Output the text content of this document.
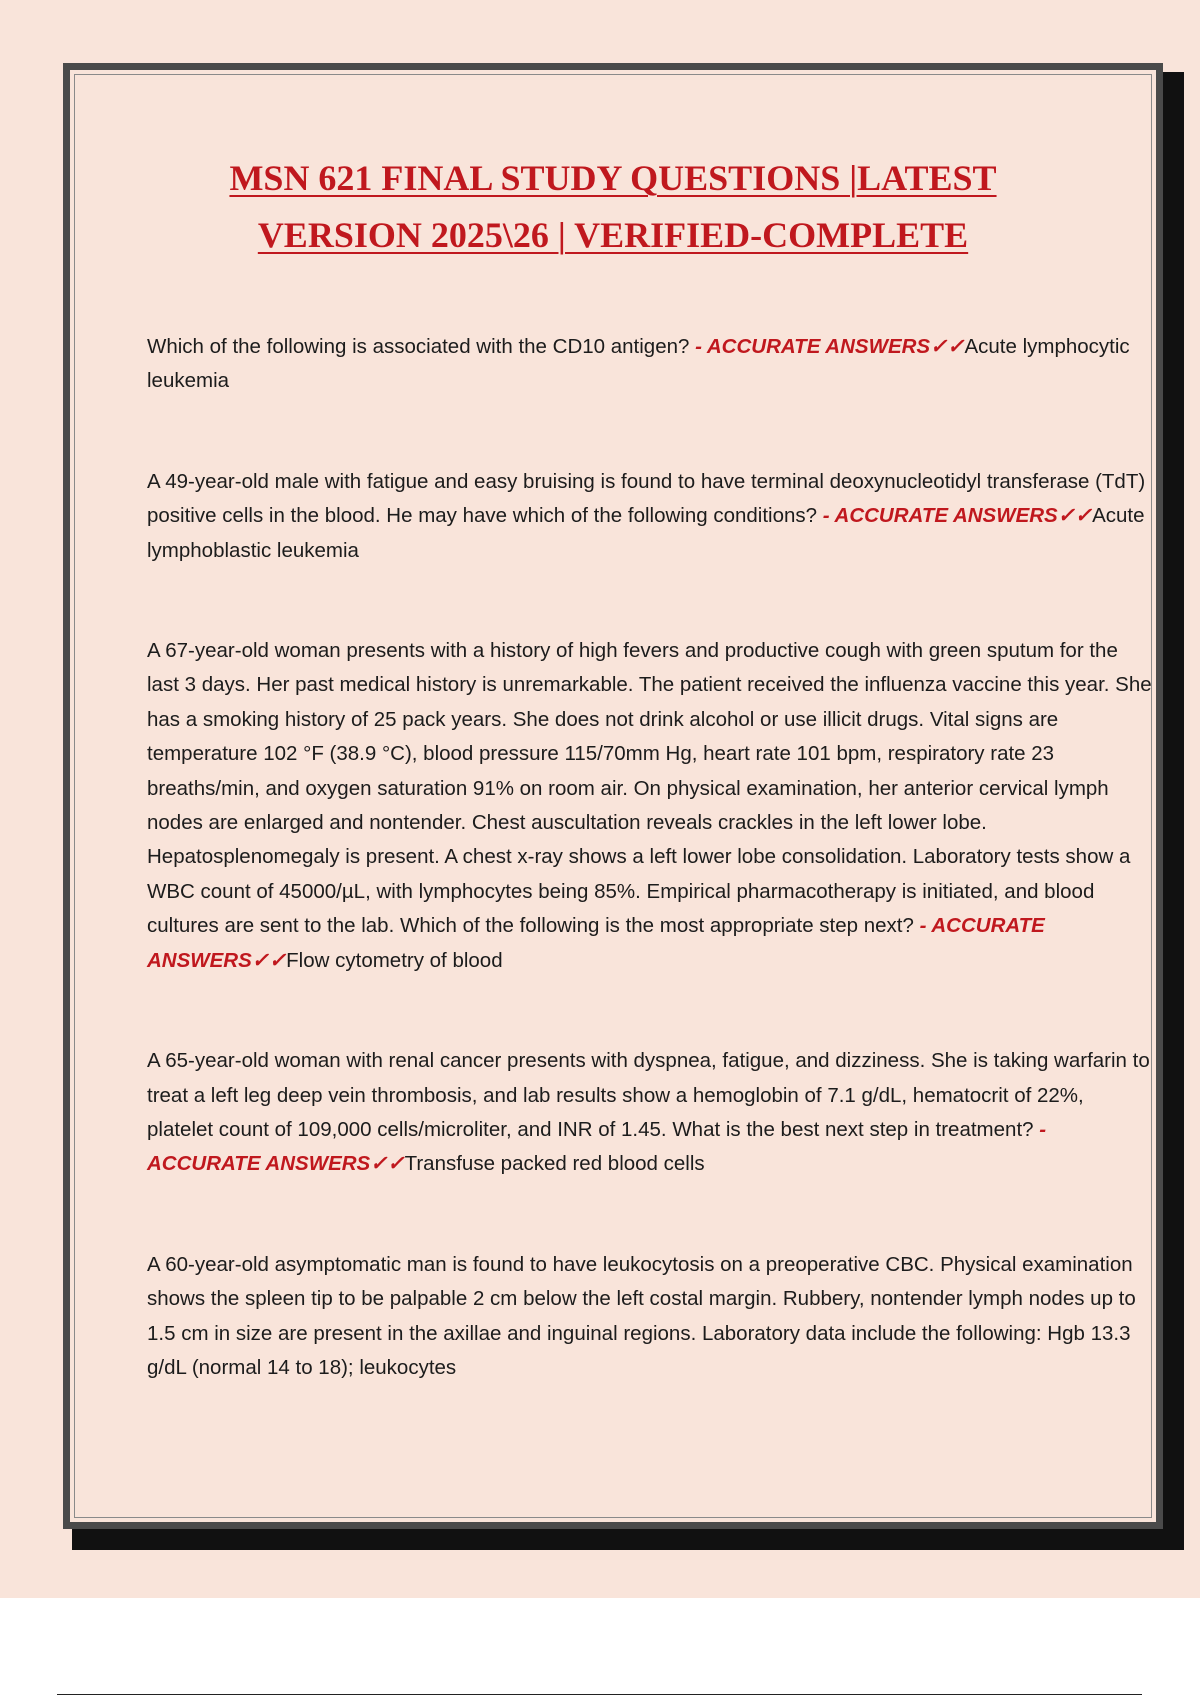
MSN 621 FINAL STUDY QUESTIONS |LATEST
VERSION 2025\26 | VERIFIED-COMPLETE

Which of the following is associated with the CD10 antigen? - ACCURATE ANSWERS✓✓Acute lymphocytic leukemia

A 49-year-old male with fatigue and easy bruising is found to have terminal deoxynucleotidyl transferase (TdT) positive cells in the blood. He may have which of the following conditions? - ACCURATE ANSWERS✓✓Acute lymphoblastic leukemia

A 67-year-old woman presents with a history of high fevers and productive cough with green sputum for the last 3 days. Her past medical history is unremarkable. The patient received the influenza vaccine this year. She has a smoking history of 25 pack years. She does not drink alcohol or use illicit drugs. Vital signs are temperature 102 °F (38.9 °C), blood pressure 115/70mm Hg, heart rate 101 bpm, respiratory rate 23 breaths/min, and oxygen saturation 91% on room air. On physical examination, her anterior cervical lymph nodes are enlarged and nontender. Chest auscultation reveals crackles in the left lower lobe. Hepatosplenomegaly is present. A chest x-ray shows a left lower lobe consolidation. Laboratory tests show a WBC count of 45000/µL, with lymphocytes being 85%. Empirical pharmacotherapy is initiated, and blood cultures are sent to the lab. Which of the following is the most appropriate step next? - ACCURATE ANSWERS✓✓Flow cytometry of blood

A 65-year-old woman with renal cancer presents with dyspnea, fatigue, and dizziness. She is taking warfarin to treat a left leg deep vein thrombosis, and lab results show a hemoglobin of 7.1 g/dL, hematocrit of 22%, platelet count of 109,000 cells/microliter, and INR of 1.45. What is the best next step in treatment? - ACCURATE ANSWERS✓✓Transfuse packed red blood cells

A 60-year-old asymptomatic man is found to have leukocytosis on a preoperative CBC. Physical examination shows the spleen tip to be palpable 2 cm below the left costal margin. Rubbery, nontender lymph nodes up to 1.5 cm in size are present in the axillae and inguinal regions. Laboratory data include the following: Hgb 13.3 g/dL (normal 14 to 18); leukocytes
